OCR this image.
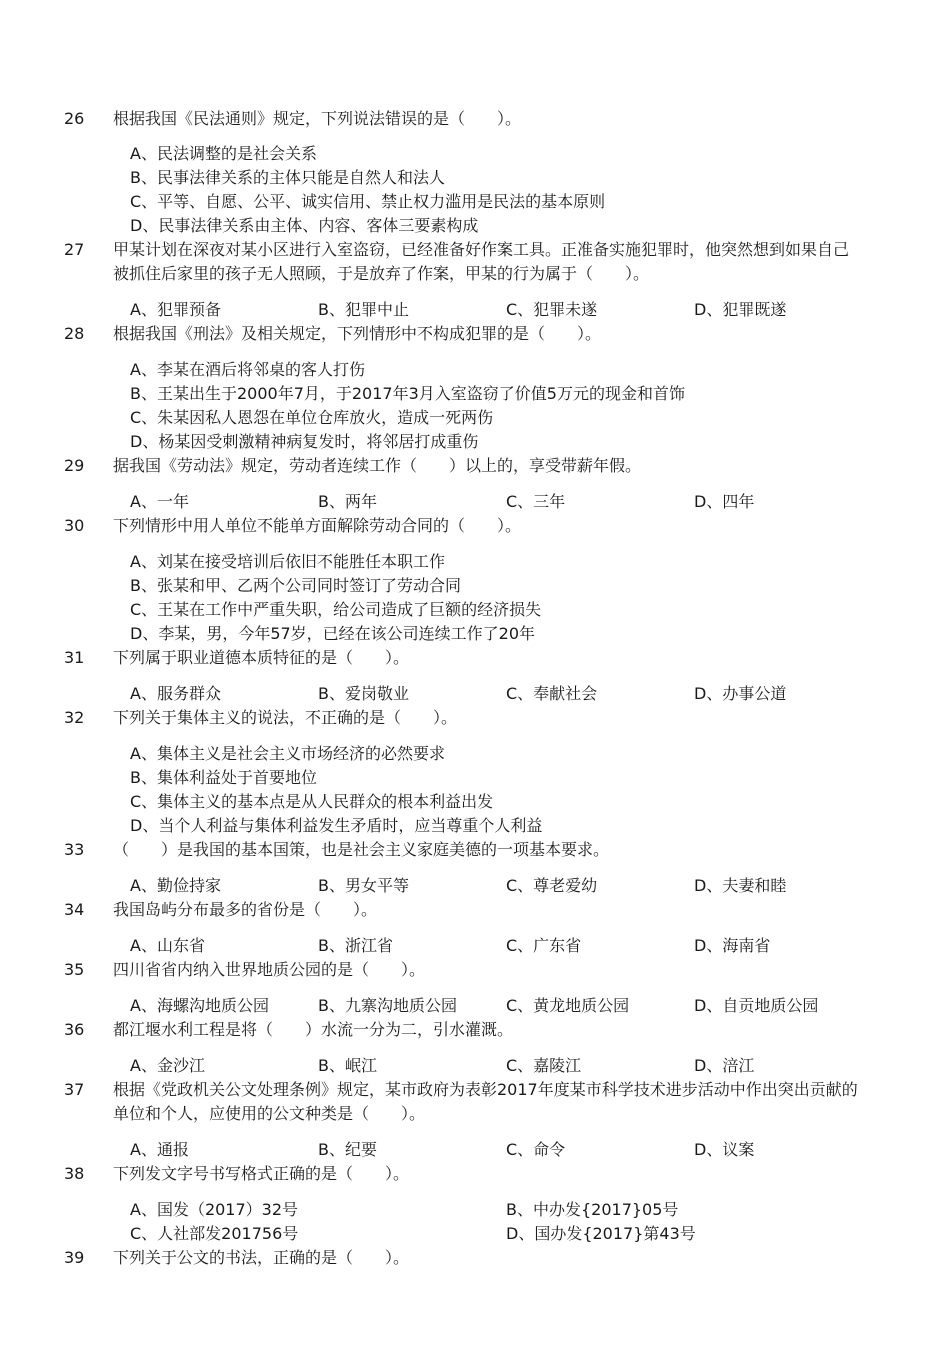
26 根据我国《民法通则》规定，下列说法错误的是（　　）。
A、民法调整的是社会关系
B、民事法律关系的主体只能是自然人和法人
C、平等、自愿、公平、诚实信用、禁止权力滥用是民法的基本原则
D、民事法律关系由主体、内容、客体三要素构成
27 甲某计划在深夜对某小区进行入室盗窃，已经准备好作案工具。正准备实施犯罪时，他突然想到如果自己被抓住后家里的孩子无人照顾，于是放弃了作案，甲某的行为属于（　　）。
A、犯罪预备	B、犯罪中止	C、犯罪未遂	D、犯罪既遂
28 根据我国《刑法》及相关规定，下列情形中不构成犯罪的是（　　）。
A、李某在酒后将邻桌的客人打伤
B、王某出生于2000年7月，于2017年3月入室盗窃了价值5万元的现金和首饰
C、朱某因私人恩怨在单位仓库放火，造成一死两伤
D、杨某因受刺激精神病复发时，将邻居打成重伤
29 据我国《劳动法》规定，劳动者连续工作（　　）以上的，享受带薪年假。
A、一年	B、两年	C、三年	D、四年
30 下列情形中用人单位不能单方面解除劳动合同的（　　）。
A、刘某在接受培训后依旧不能胜任本职工作
B、张某和甲、乙两个公司同时签订了劳动合同
C、王某在工作中严重失职，给公司造成了巨额的经济损失
D、李某，男，今年57岁，已经在该公司连续工作了20年
31 下列属于职业道德本质特征的是（　　）。
A、服务群众	B、爱岗敬业	C、奉献社会	D、办事公道
32 下列关于集体主义的说法，不正确的是（　　）。
A、集体主义是社会主义市场经济的必然要求
B、集体利益处于首要地位
C、集体主义的基本点是从人民群众的根本利益出发
D、当个人利益与集体利益发生矛盾时，应当尊重个人利益
33 （　　）是我国的基本国策，也是社会主义家庭美德的一项基本要求。
A、勤俭持家	B、男女平等	C、尊老爱幼	D、夫妻和睦
34 我国岛屿分布最多的省份是（　　）。
A、山东省	B、浙江省	C、广东省	D、海南省
35 四川省省内纳入世界地质公园的是（　　）。
A、海螺沟地质公园	B、九寨沟地质公园	C、黄龙地质公园	D、自贡地质公园
36 都江堰水利工程是将（　　）水流一分为二，引水灌溉。
A、金沙江	B、岷江	C、嘉陵江	D、涪江
37 根据《党政机关公文处理条例》规定，某市政府为表彰2017年度某市科学技术进步活动中作出突出贡献的单位和个人，应使用的公文种类是（　　）。
A、通报	B、纪要	C、命令	D、议案
38 下列发文字号书写格式正确的是（　　）。
A、国发（2017）32号	B、中办发{2017}05号
C、人社部发201756号	D、国办发{2017}第43号
39 下列关于公文的书法，正确的是（　　）。
